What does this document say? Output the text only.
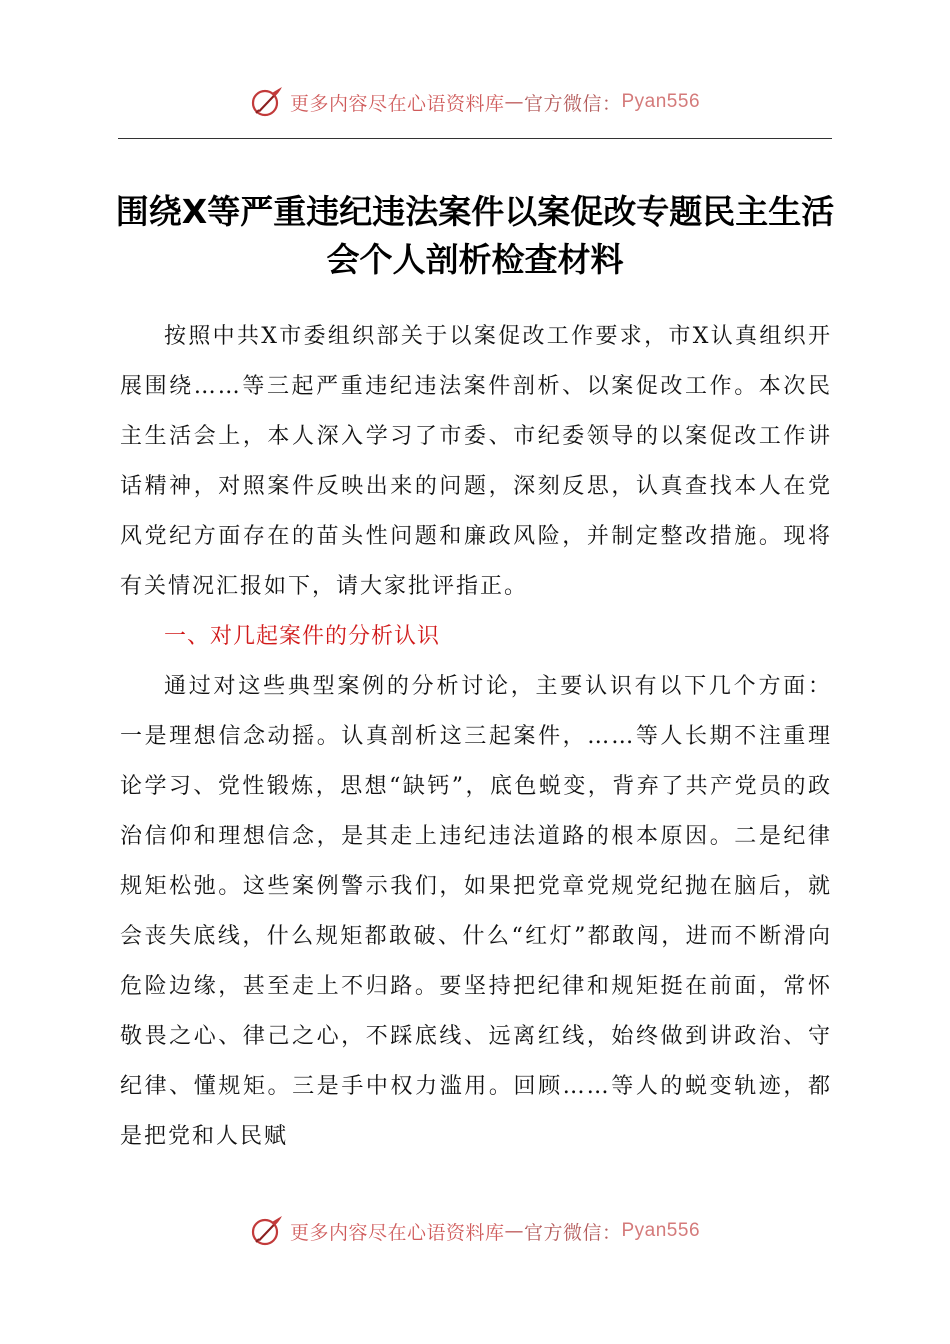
更多内容尽在心语资料库 — 官方微信： Pyan556
围绕X等严重违纪违法案件以案促改专题民主生活会个人剖析检查材料

按照中共X市委组织部关于以案促改工作要求，市X认真组织开展围绕……等三起严重违纪违法案件剖析、以案促改工作。本次民主生活会上，本人深入学习了市委、市纪委领导的以案促改工作讲话精神，对照案件反映出来的问题，深刻反思，认真查找本人在党风党纪方面存在的苗头性问题和廉政风险，并制定整改措施。现将有关情况汇报如下，请大家批评指正。

一、对几起案件的分析认识

通过对这些典型案例的分析讨论，主要认识有以下几个方面：一是理想信念动摇。认真剖析这三起案件，……等人长期不注重理论学习、党性锻炼，思想“缺钙”，底色蜕变，背弃了共产党员的政治信仰和理想信念，是其走上违纪违法道路的根本原因。二是纪律规矩松弛。这些案例警示我们，如果把党章党规党纪抛在脑后，就会丧失底线，什么规矩都敢破、什么“红灯”都敢闯，进而不断滑向危险边缘，甚至走上不归路。要坚持把纪律和规矩挺在前面，常怀敬畏之心、律己之心，不踩底线、远离红线，始终做到讲政治、守纪律、懂规矩。三是手中权力滥用。回顾……等人的蜕变轨迹，都是把党和人民赋

更多内容尽在心语资料库 — 官方微信： Pyan556
